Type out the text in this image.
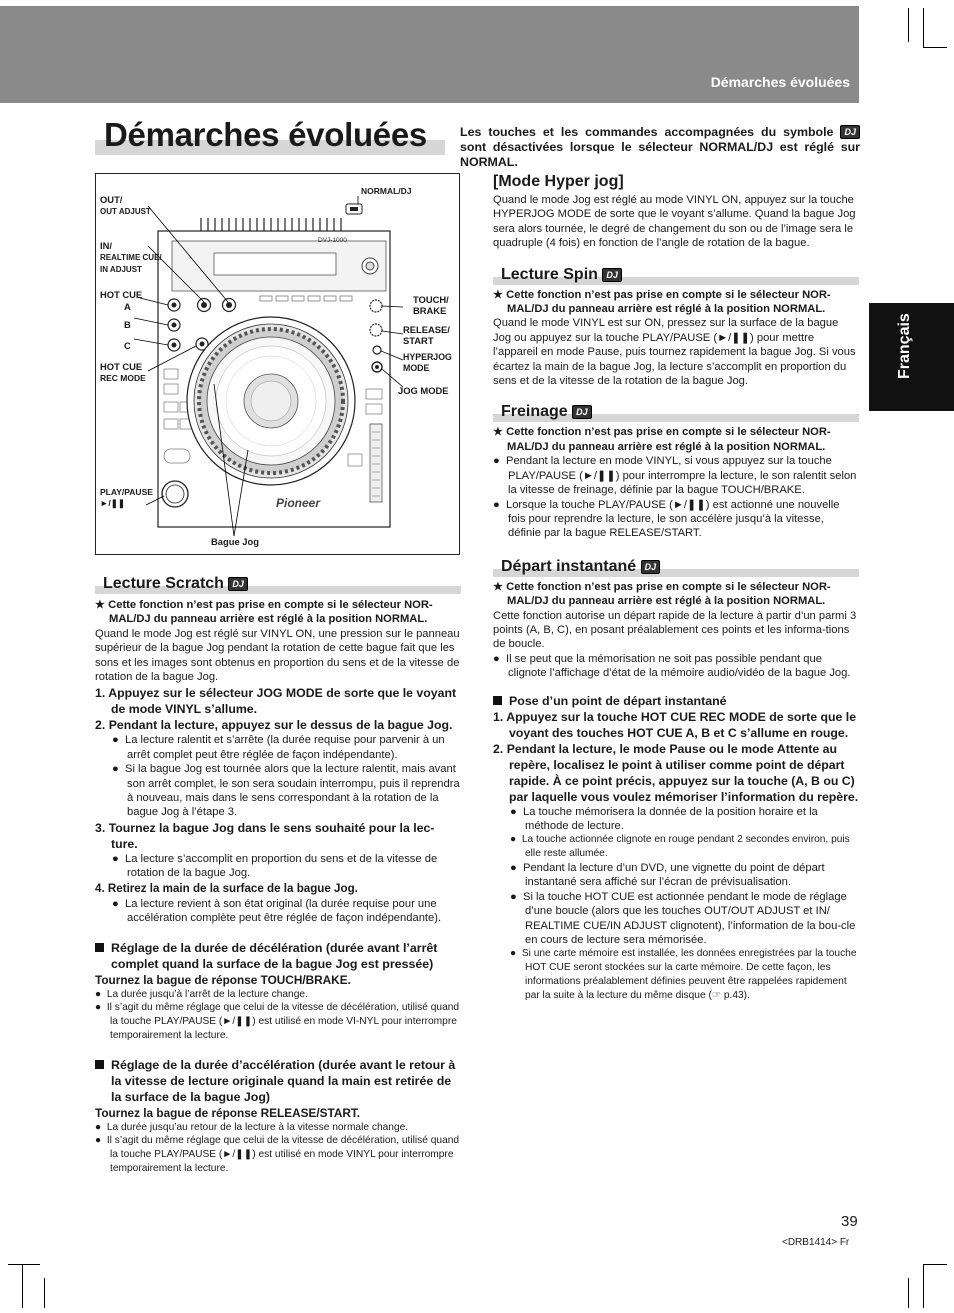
Démarches évoluées
Démarches évoluées	Les touches et les commandes accompagnées du symbole DJ sont désactivées lorsque le sélecteur NORMAL/DJ est réglé sur NORMAL.
Français
DVJ-1000
Pioneer
OUT/
OUT ADJUST
IN/
REALTIME CUE/
IN ADJUST
HOT CUE
A
B
C
HOT CUE
REC MODE
PLAY/PAUSE
►/❚❚
NORMAL/DJ
TOUCH/
BRAKE
RELEASE/
START
HYPERJOG
MODE
JOG MODE
Bague Jog
Lecture Scratch DJ

★ Cette fonction n’est pas prise en compte si le sélecteur NOR-MAL/DJ du panneau arrière est réglé à la position NORMAL.

Quand le mode Jog est réglé sur VINYL ON, une pression sur le panneau supérieur de la bague Jog pendant la rotation de cette bague fait que les sons et les images sont obtenus en proportion du sens et de la vitesse de rotation de la bague Jog.

1. Appuyez sur le sélecteur JOG MODE de sorte que le voyant de mode VINYL s’allume.

2. Pendant la lecture, appuyez sur le dessus de la bague Jog.

●  La lecture ralentit et s’arrête (la durée requise pour parvenir à un arrêt complet peut être réglée de façon indépendante).

●  Si la bague Jog est tournée alors que la lecture ralentit, mais avant son arrêt complet, le son sera soudain interrompu, puis il reprendra à nouveau, mais dans le sens correspondant à la rotation de la bague Jog à l’étape 3.

3. Tournez la bague Jog dans le sens souhaité pour la lec-ture.

●  La lecture s’accomplit en proportion du sens et de la vitesse de rotation de la bague Jog.

4. Retirez la main de la surface de la bague Jog.

●  La lecture revient à son état original (la durée requise pour une accélération complète peut être réglée de façon indépendante).

Réglage de la durée de décélération (durée avant l’arrêt complet quand la surface de la bague Jog est pressée)

Tournez la bague de réponse TOUCH/BRAKE.

●  La durée jusqu’à l’arrêt de la lecture change.

●  Il s’agit du même réglage que celui de la vitesse de décélération, utilisé quand la touche PLAY/PAUSE (►/❚❚) est utilisé en mode VI-NYL pour interrompre temporairement la lecture.

Réglage de la durée d’accélération (durée avant le retour à la vitesse de lecture originale quand la main est retirée de la surface de la bague Jog)

Tournez la bague de réponse RELEASE/START.

●  La durée jusqu’au retour de la lecture à la vitesse normale change.

●  Il s’agit du même réglage que celui de la vitesse de décélération, utilisé quand la touche PLAY/PAUSE (►/❚❚) est utilisé en mode VINYL pour interrompre temporairement la lecture.

[Mode Hyper jog]

Quand le mode Jog est réglé au mode VINYL ON, appuyez sur la touche HYPERJOG MODE de sorte que le voyant s’allume. Quand la bague Jog sera alors tournée, le degré de changement du son ou de l’image sera le quadruple (4 fois) en fonction de l’angle de rotation de la bague.

Lecture Spin DJ

★ Cette fonction n’est pas prise en compte si le sélecteur NOR-MAL/DJ du panneau arrière est réglé à la position NORMAL.

Quand le mode VINYL est sur ON, pressez sur la surface de la bague Jog ou appuyez sur la touche PLAY/PAUSE (►/❚❚) pour mettre l’appareil en mode Pause, puis tournez rapidement la bague Jog. Si vous écartez la main de la bague Jog, la lecture s’accomplit en proportion du sens et de la vitesse de la rotation de la bague Jog.

Freinage DJ

★ Cette fonction n’est pas prise en compte si le sélecteur NOR-MAL/DJ du panneau arrière est réglé à la position NORMAL.

●  Pendant la lecture en mode VINYL, si vous appuyez sur la touche PLAY/PAUSE (►/❚❚) pour interrompre la lecture, le son ralentit selon la vitesse de freinage, définie par la bague TOUCH/BRAKE.

●  Lorsque la touche PLAY/PAUSE (►/❚❚) est actionné une nouvelle fois pour reprendre la lecture, le son accélère jusqu’à la vitesse, définie par la bague RELEASE/START.

Départ instantané DJ

★ Cette fonction n’est pas prise en compte si le sélecteur NOR-MAL/DJ du panneau arrière est réglé à la position NORMAL.

Cette fonction autorise un départ rapide de la lecture à partir d’un parmi 3 points (A, B, C), en posant préalablement ces points et les informa-tions de boucle.

●  Il se peut que la mémorisation ne soit pas possible pendant que clignote l’affichage d’état de la mémoire audio/vidéo de la bague Jog.

Pose d’un point de départ instantané

1. Appuyez sur la touche HOT CUE REC MODE de sorte que le voyant des touches HOT CUE A, B et C s’allume en rouge.

2. Pendant la lecture, le mode Pause ou le mode Attente au repère, localisez le point à utiliser comme point de départ rapide. À ce point précis, appuyez sur la touche (A, B ou C) par laquelle vous voulez mémoriser l’information du repère.

●  La touche mémorisera la donnée de la position horaire et la méthode de lecture.

●  La touche actionnée clignote en rouge pendant 2 secondes environ, puis elle reste allumée.

●  Pendant la lecture d’un DVD, une vignette du point de départ instantané sera affiché sur l’écran de prévisualisation.

●  Si la touche HOT CUE est actionnée pendant le mode de réglage d’une boucle (alors que les touches OUT/OUT ADJUST et IN/ REALTIME CUE/IN ADJUST clignotent), l’information de la bou-cle en cours de lecture sera mémorisée.

●  Si une carte mémoire est installée, les données enregistrées par la touche HOT CUE seront stockées sur la carte mémoire. De cette façon, les informations préalablement définies peuvent être rappelées rapidement par la suite à la lecture du même disque (☞ p.43).

39
<DRB1414> Fr
